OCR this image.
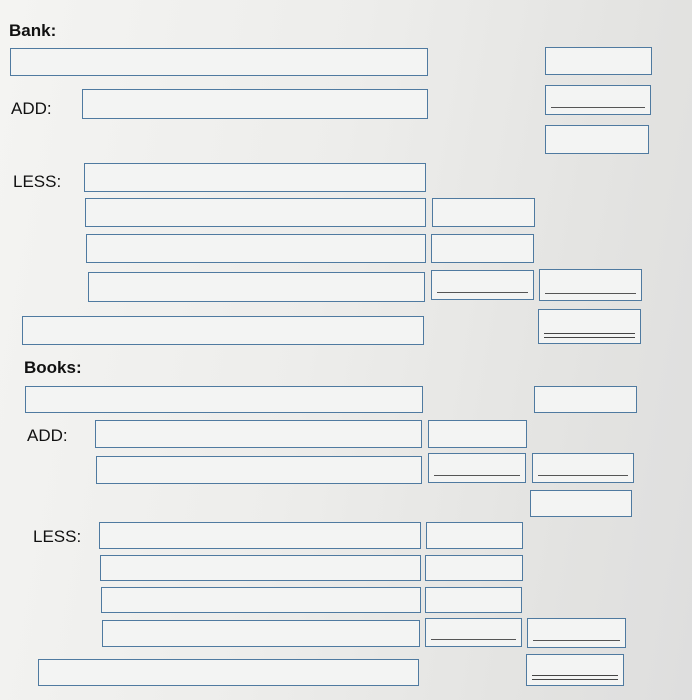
Bank:
ADD:
LESS:
Books:
ADD:
LESS:
